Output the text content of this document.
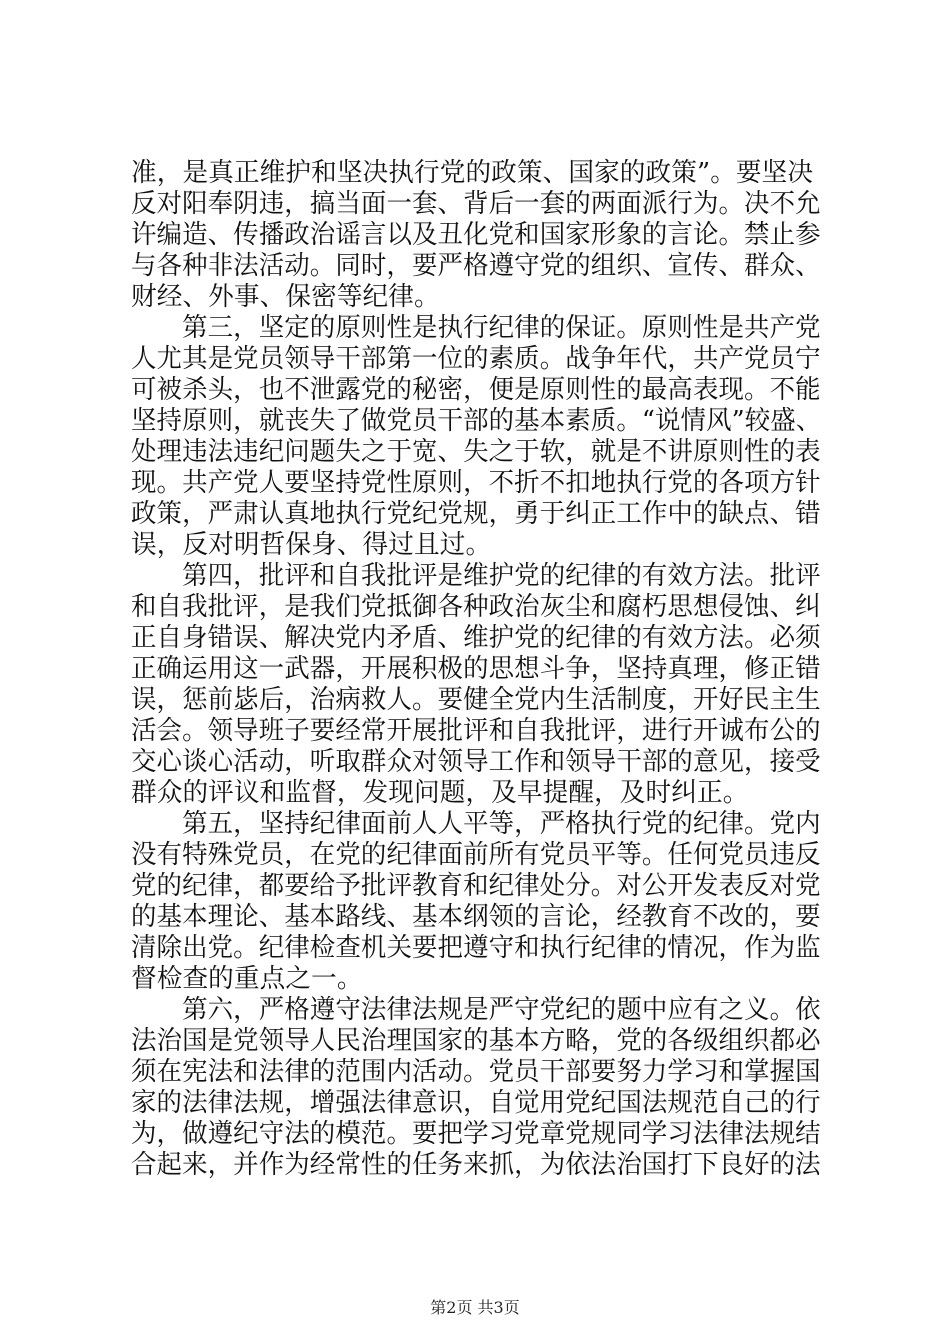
准，是真正维护和坚决执行党的政策、国家的政策”。要坚决
反对阳奉阴违，搞当面一套、背后一套的两面派行为。决不允
许编造、传播政治谣言以及丑化党和国家形象的言论。禁止参
与各种非法活动。同时，要严格遵守党的组织、宣传、群众、
财经、外事、保密等纪律。
　　第三，坚定的原则性是执行纪律的保证。原则性是共产党
人尤其是党员领导干部第一位的素质。战争年代，共产党员宁
可被杀头，也不泄露党的秘密，便是原则性的最高表现。不能
坚持原则，就丧失了做党员干部的基本素质。“说情风”较盛、
处理违法违纪问题失之于宽、失之于软，就是不讲原则性的表
现。共产党人要坚持党性原则，不折不扣地执行党的各项方针
政策，严肃认真地执行党纪党规，勇于纠正工作中的缺点、错
误，反对明哲保身、得过且过。
　　第四，批评和自我批评是维护党的纪律的有效方法。批评
和自我批评，是我们党抵御各种政治灰尘和腐朽思想侵蚀、纠
正自身错误、解决党内矛盾、维护党的纪律的有效方法。必须
正确运用这一武器，开展积极的思想斗争，坚持真理，修正错
误，惩前毖后，治病救人。要健全党内生活制度，开好民主生
活会。领导班子要经常开展批评和自我批评，进行开诚布公的
交心谈心活动，听取群众对领导工作和领导干部的意见，接受
群众的评议和监督，发现问题，及早提醒，及时纠正。
　　第五，坚持纪律面前人人平等，严格执行党的纪律。党内
没有特殊党员，在党的纪律面前所有党员平等。任何党员违反
党的纪律，都要给予批评教育和纪律处分。对公开发表反对党
的基本理论、基本路线、基本纲领的言论，经教育不改的，要
清除出党。纪律检查机关要把遵守和执行纪律的情况，作为监
督检查的重点之一。
　　第六，严格遵守法律法规是严守党纪的题中应有之义。依
法治国是党领导人民治理国家的基本方略，党的各级组织都必
须在宪法和法律的范围内活动。党员干部要努力学习和掌握国
家的法律法规，增强法律意识，自觉用党纪国法规范自己的行
为，做遵纪守法的模范。要把学习党章党规同学习法律法规结
合起来，并作为经常性的任务来抓，为依法治国打下良好的法
第2页 共3页
